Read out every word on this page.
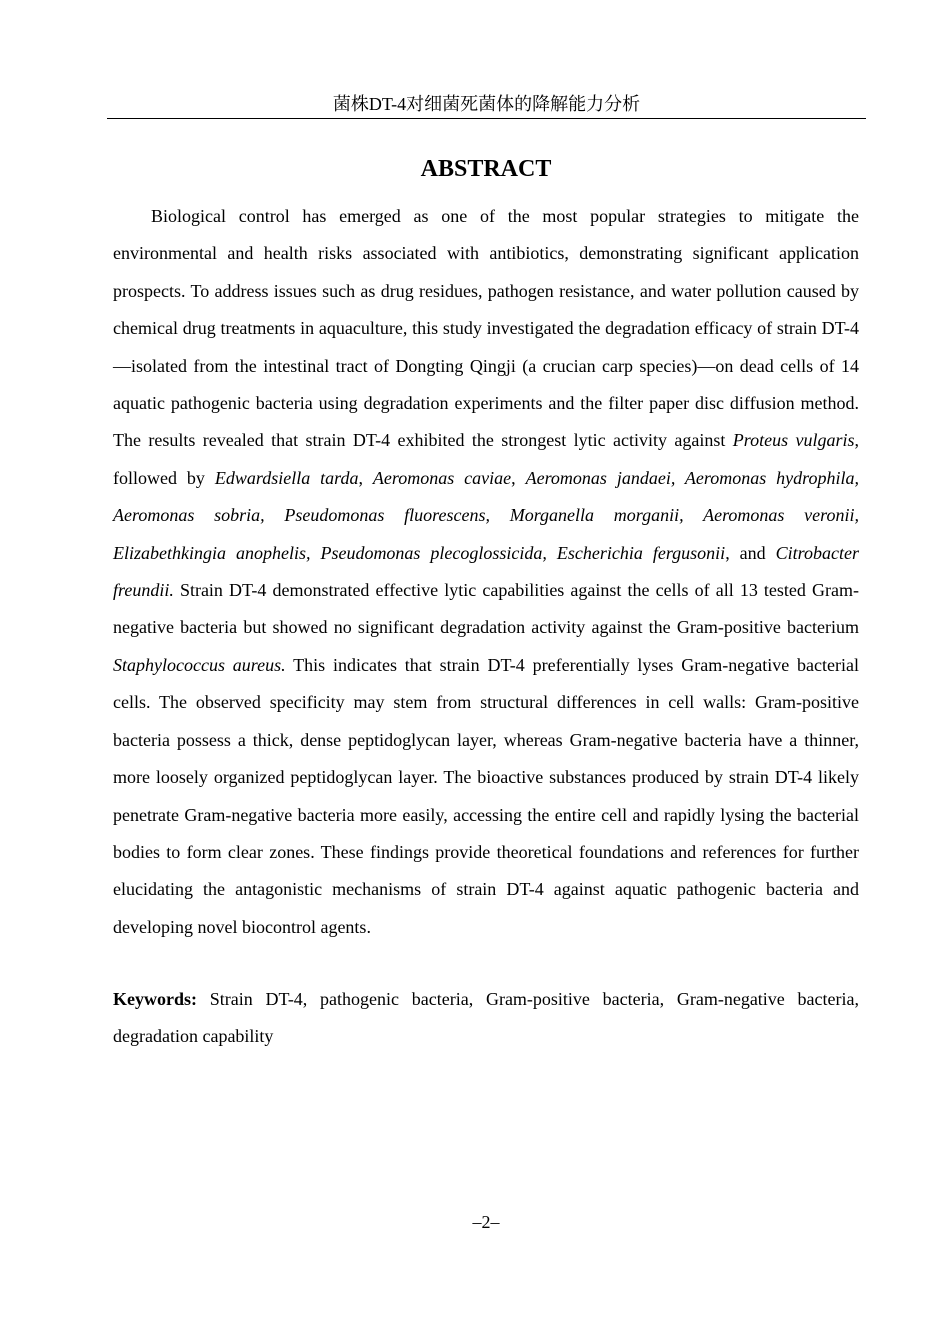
菌株DT-4对细菌死菌体的降解能力分析
ABSTRACT

Biological control has emerged as one of the most popular strategies to mitigate the environmental and health risks associated with antibiotics, demonstrating significant application prospects. To address issues such as drug residues, pathogen resistance, and water pollution caused by chemical drug treatments in aquaculture, this study investigated the degradation efficacy of strain DT-4—isolated from the intestinal tract of Dongting Qingji (a crucian carp species)—on dead cells of 14 aquatic pathogenic bacteria using degradation experiments and the filter paper disc diffusion method. The results revealed that strain DT-4 exhibited the strongest lytic activity against Proteus vulgaris, followed by Edwardsiella tarda, Aeromonas caviae, Aeromonas jandaei, Aeromonas hydrophila, Aeromonas sobria, Pseudomonas fluorescens, Morganella morganii, Aeromonas veronii, Elizabethkingia anophelis, Pseudomonas plecoglossicida, Escherichia fergusonii, and Citrobacter freundii. Strain DT-4 demonstrated effective lytic capabilities against the cells of all 13 tested Gram-negative bacteria but showed no significant degradation activity against the Gram-positive bacterium Staphylococcus aureus. This indicates that strain DT-4 preferentially lyses Gram-negative bacterial cells. The observed specificity may stem from structural differences in cell walls: Gram-positive bacteria possess a thick, dense peptidoglycan layer, whereas Gram-negative bacteria have a thinner, more loosely organized peptidoglycan layer. The bioactive substances produced by strain DT-4 likely penetrate Gram-negative bacteria more easily, accessing the entire cell and rapidly lysing the bacterial bodies to form clear zones. These findings provide theoretical foundations and references for further elucidating the antagonistic mechanisms of strain DT-4 against aquatic pathogenic bacteria and developing novel biocontrol agents.

Keywords: Strain DT-4, pathogenic bacteria, Gram-positive bacteria, Gram-negative bacteria, degradation capability

–2–
